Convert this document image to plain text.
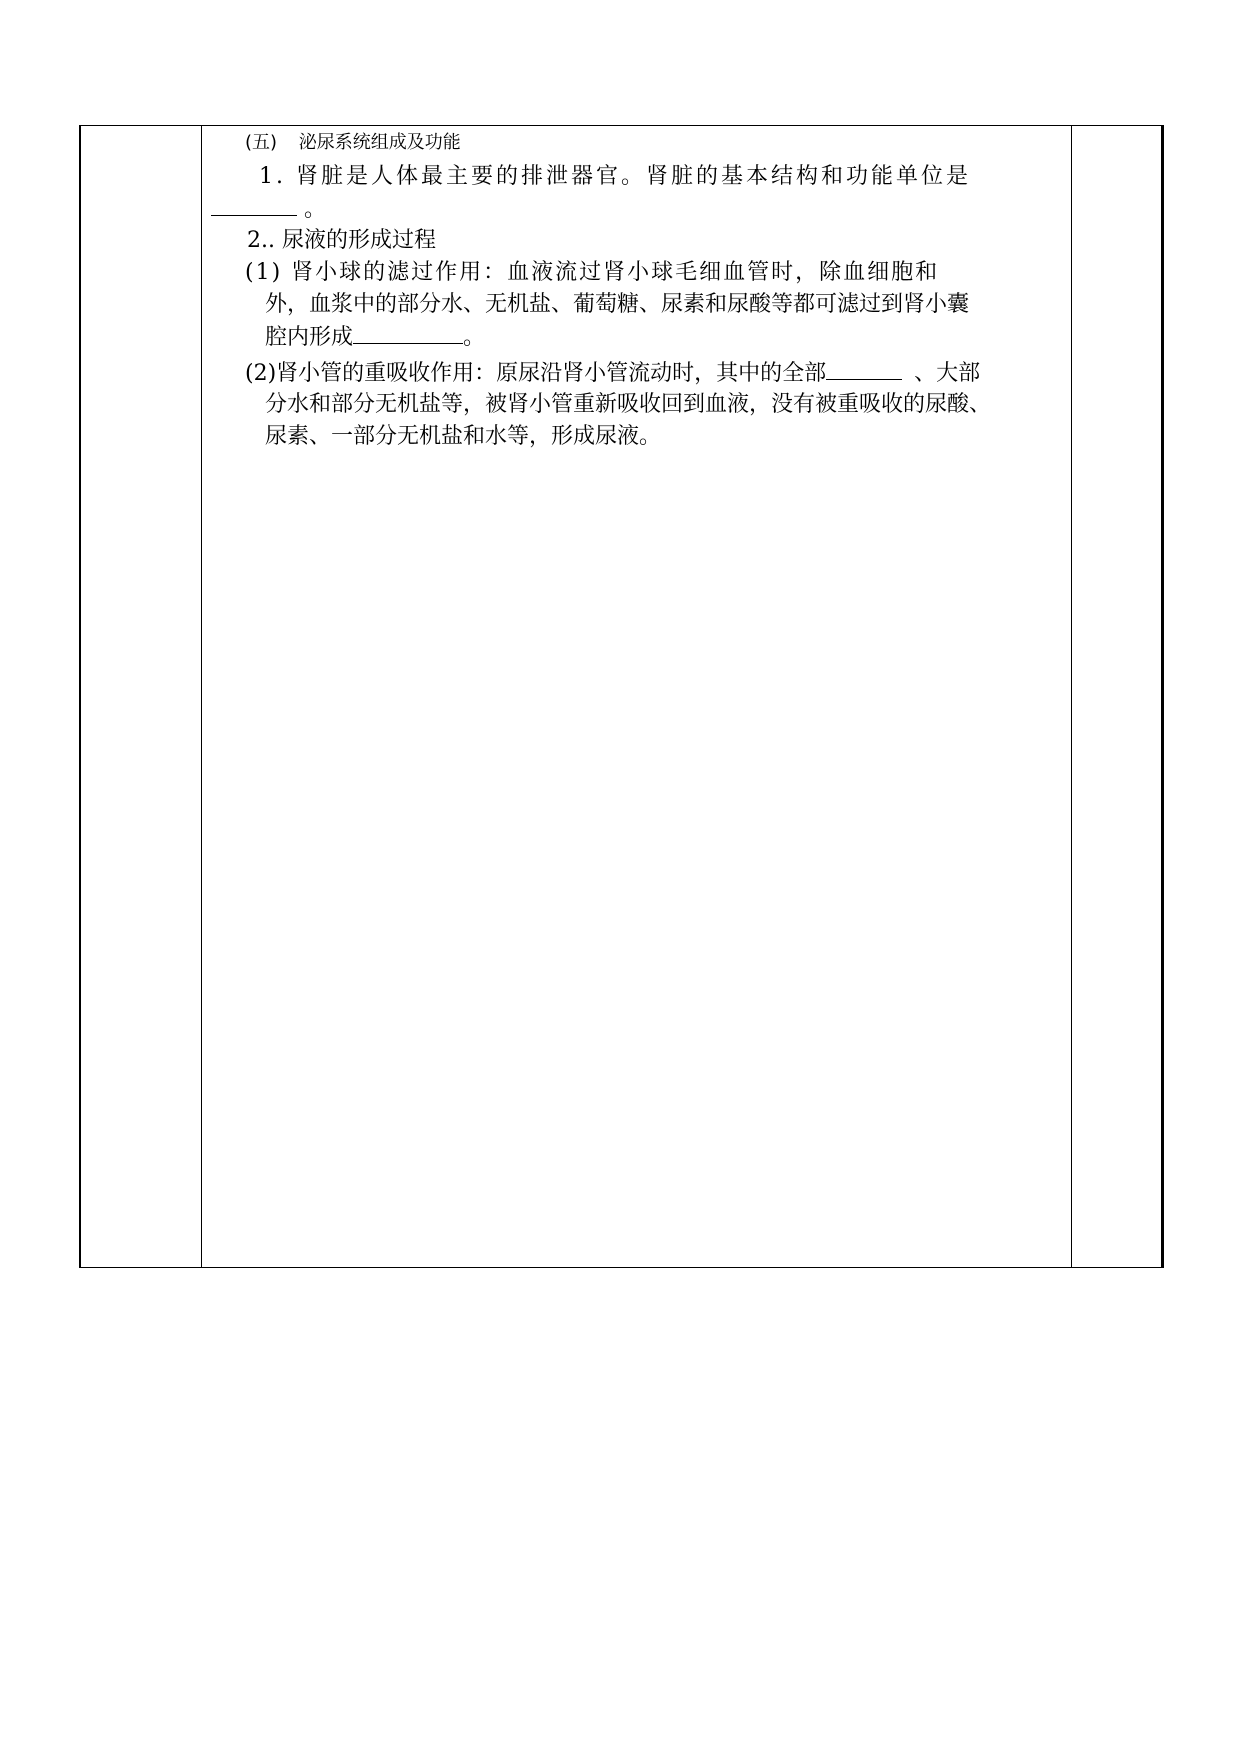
(五) 泌尿系统组成及功能
1. 肾脏是人体最主要的排泄器官。肾脏的基本结构和功能单位是
。
2.. 尿液的形成过程
(1) 肾小球的滤过作用：血液流过肾小球毛细血管时，除血细胞和
外，血浆中的部分水、无机盐、葡萄糖、尿素和尿酸等都可滤过到肾小囊
腔内形成	。
(2)肾小管的重吸收作用：原尿沿肾小管流动时，其中的全部	、大部
分水和部分无机盐等，被肾小管重新吸收回到血液，没有被重吸收的尿酸、
尿素、一部分无机盐和水等，形成尿液。
